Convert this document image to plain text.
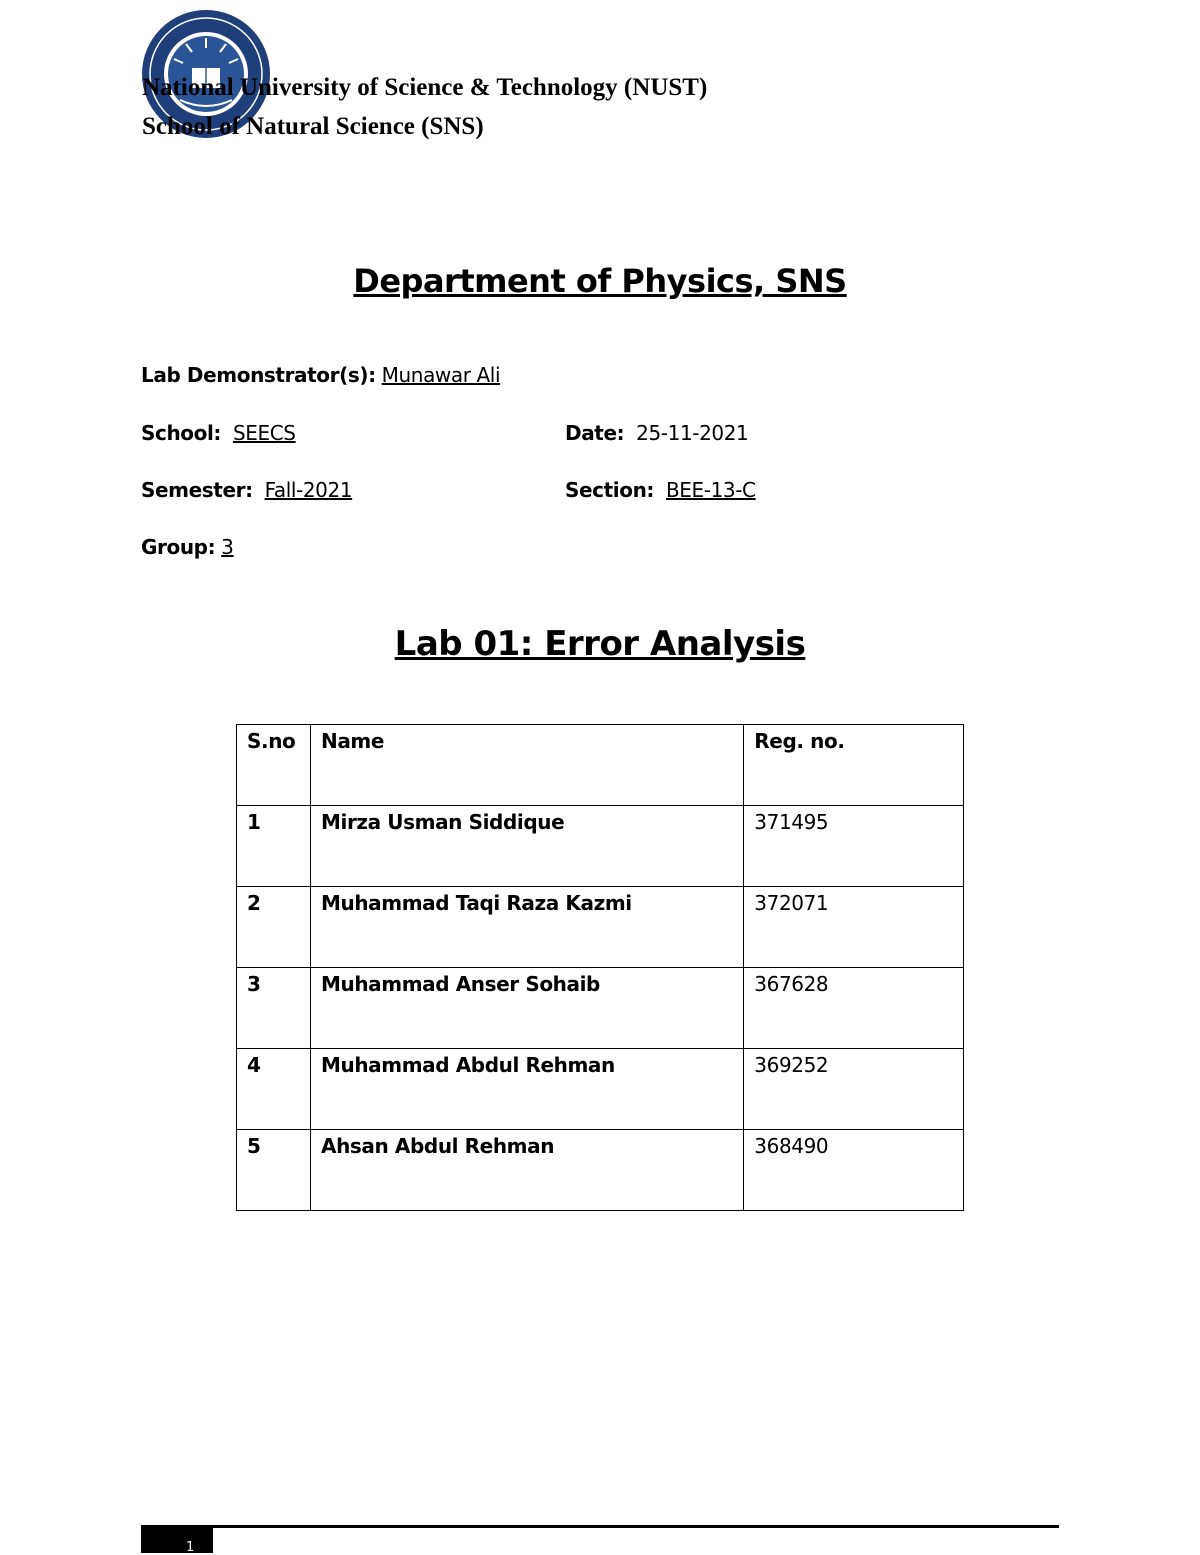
National University of Science & Technology (NUST)

School of Natural Science (SNS)

Department of Physics, SNS
Lab Demonstrator(s): Munawar Ali
School: SEECS	Date: 25-11-2021
Semester: Fall-2021	Section: BEE-13-C
Group: 3
Lab 01: Error Analysis
S.no	Name	Reg. no.
1	Mirza Usman Siddique	371495
2	Muhammad Taqi Raza Kazmi	372071
3	Muhammad Anser Sohaib	367628
4	Muhammad Abdul Rehman	369252
5	Ahsan Abdul Rehman	368490
1
